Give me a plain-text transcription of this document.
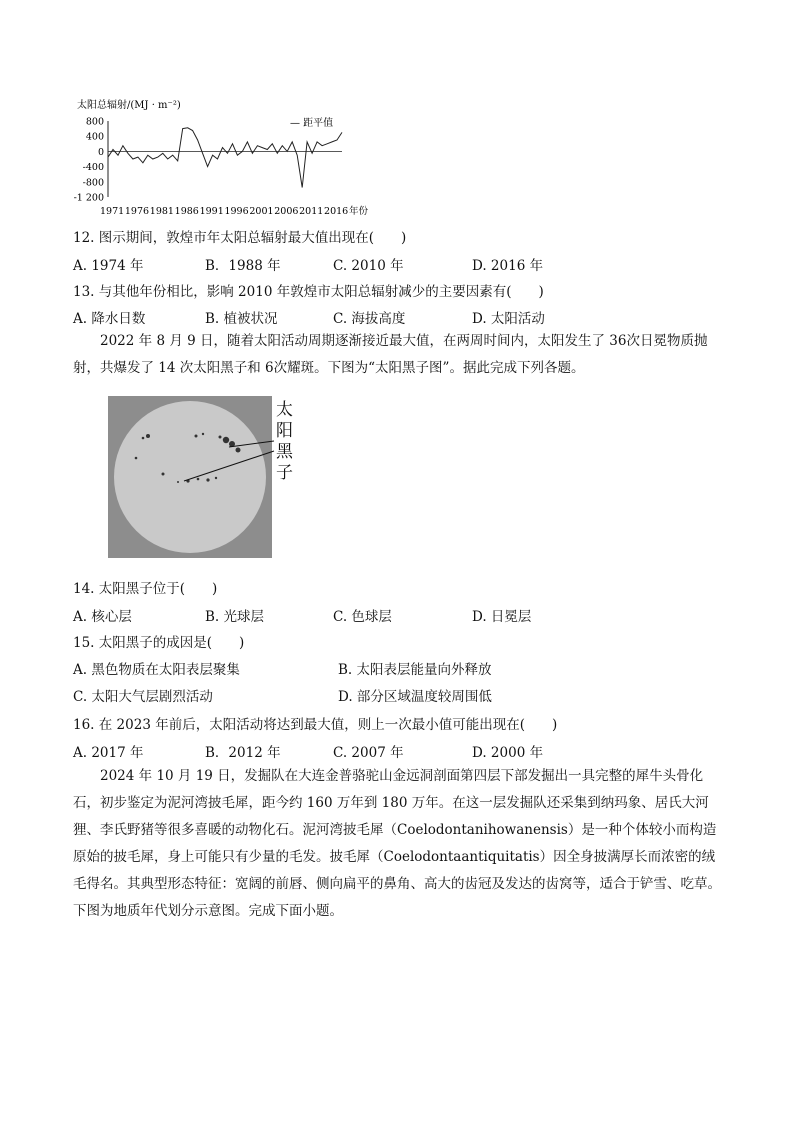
太阳总辐射/(MJ · m⁻²)
800
400
0
-400
-800
-1 200
1971 1976 1981 1986 1991 1996 2001 2006 2011 2016 年份
— 距平值
12. 图示期间，敦煌市年太阳总辐射最大值出现在(　　)
A. 1974 年	B．1988 年	C. 2010 年	D. 2016 年
13. 与其他年份相比，影响 2010 年敦煌市太阳总辐射减少的主要因素有(　　)
A. 降水日数	B. 植被状况	C. 海拔高度	D. 太阳活动

2022 年 8 月 9 日，随着太阳活动周期逐渐接近最大值，在两周时间内，太阳发生了 36次日冕物质抛射，共爆发了 14 次太阳黑子和 6次耀斑。下图为“太阳黑子图”。据此完成下列各题。

太阳黑子
14. 太阳黑子位于(　　)
A. 核心层	B. 光球层	C. 色球层	D. 日冕层
15. 太阳黑子的成因是(　　)
A. 黑色物质在太阳表层聚集	B. 太阳表层能量向外释放
C. 太阳大气层剧烈活动	D. 部分区域温度较周围低
16. 在 2023 年前后，太阳活动将达到最大值，则上一次最小值可能出现在(　　)
A. 2017 年	B．2012 年	C. 2007 年	D. 2000 年

2024 年 10 月 19 日，发掘队在大连金普骆驼山金远洞剖面第四层下部发掘出一具完整的犀牛头骨化石，初步鉴定为泥河湾披毛犀，距今约 160 万年到 180 万年。在这一层发掘队还采集到纳玛象、居氏大河狸、李氏野猪等很多喜暖的动物化石。泥河湾披毛犀（Coelodontanihowanensis）是一种个体较小而构造原始的披毛犀，身上可能只有少量的毛发。披毛犀（Coelodontaantiquitatis）因全身披满厚长而浓密的绒毛得名。其典型形态特征：宽阔的前唇、侧向扁平的鼻角、高大的齿冠及发达的齿窝等，适合于铲雪、吃草。下图为地质年代划分示意图。完成下面小题。
